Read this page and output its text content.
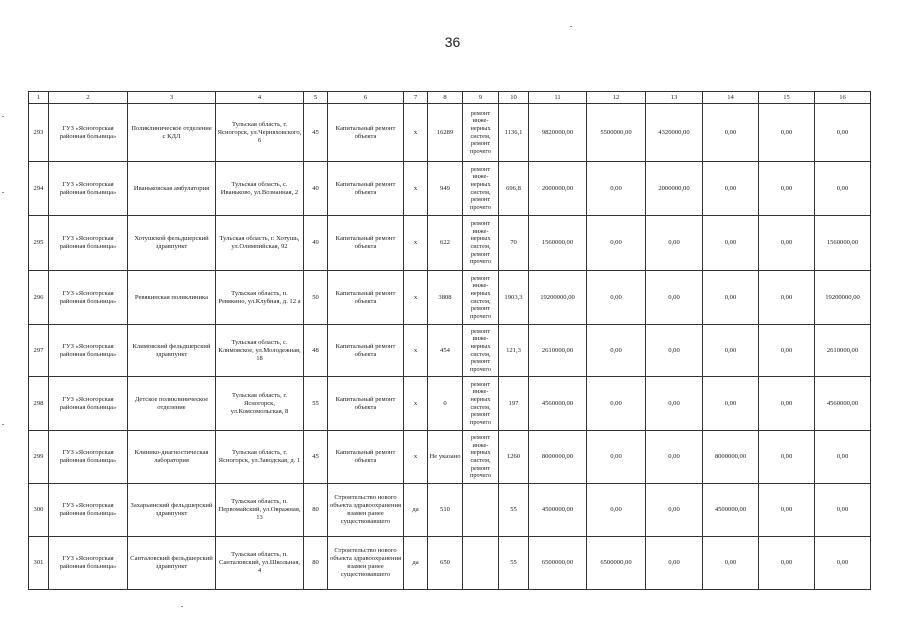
36
1	2	3	4	5	6	7	8	9	10	11	12	13	14	15	16
293	ГУЗ «Ясногорская районная больница»	Поликлиническое отделение с КДЛ	Тульская область, г. Ясногорск, ул.Черняховского, 6	45	Капитальный ремонт объекта	х	16289	ремонт инже-нерных систем, ремонт прочего	1136,1	9820000,00	5500000,00	4320000,00	0,00	0,00	0,00
294	ГУЗ «Ясногорская районная больница»	Иваньковская амбулатория	Тульская область, с. Иваньково, ул.Вознанная, 2	40	Капитальный ремонт объекта	х	949	ремонт инже-нерных систем, ремонт прочего	696,8	2000000,00	0,00	2000000,00	0,00	0,00	0,00
295	ГУЗ «Ясногорская районная больница»	Хотушской фельдшерский здравпункт	Тульская область, г. Хотушь, ул.Олимпийская, 92	49	Капитальный ремонт объекта	х	622	ремонт инже-нерных систем, ремонт прочего	70	1560000,00	0,00	0,00	0,00	0,00	1560000,00
296	ГУЗ «Ясногорская районная больница»	Ревякинская поликлиника	Тульская область, п. Ревякино, ул.Клубная, д. 12 а	50	Капитальный ремонт объекта	х	3808	ремонт инже-нерных систем, ремонт прочего	1903,3	19200000,00	0,00	0,00	0,00	0,00	19200000,00
297	ГУЗ «Ясногорская районная больница»	Климовский фельдшерский здравпункт	Тульская область, с. Климовское, ул.Молодежная, 18	48	Капитальный ремонт объекта	х	454	ремонт инже-нерных систем, ремонт прочего	121,3	2610000,00	0,00	0,00	0,00	0,00	2610000,00
298	ГУЗ «Ясногорская районная больница»	Детское поликлиническое отделение	Тульская область, г. Ясногорск, ул.Комсомольская, 8	55	Капитальный ремонт объекта	х	0	ремонт инже-нерных систем, ремонт прочего	197	4560000,00	0,00	0,00	0,00	0,00	4560000,00
299	ГУЗ «Ясногорская районная больница»	Клинико-диагностическая лаборатория	Тульская область, г. Ясногорск, ул.Заводская, д. 1	45	Капитальный ремонт объекта	х	Не указано	ремонт инже-нерных систем, ремонт прочего	1260	8000000,00	0,00	0,00	8000000,00	0,00	0,00
300	ГУЗ «Ясногорская районная больница»	Захарьинский фельдшерский здравпункт	Тульская область, п. Первомайский, ул.Овражная, 13	80	Строительство нового объекта здравоохранения взамен ранее существовавшего	да	510		55	4500000,00	0,00	0,00	4500000,00	0,00	0,00
301	ГУЗ «Ясногорская районная больница»	Санталовский фельдшерский здравпункт	Тульская область, п. Санталовский, ул.Школьная, 4	80	Строительство нового объекта здравоохранения взамен ранее существовавшего	да	650		55	6500000,00	6500000,00	0,00	0,00	0,00	0,00
